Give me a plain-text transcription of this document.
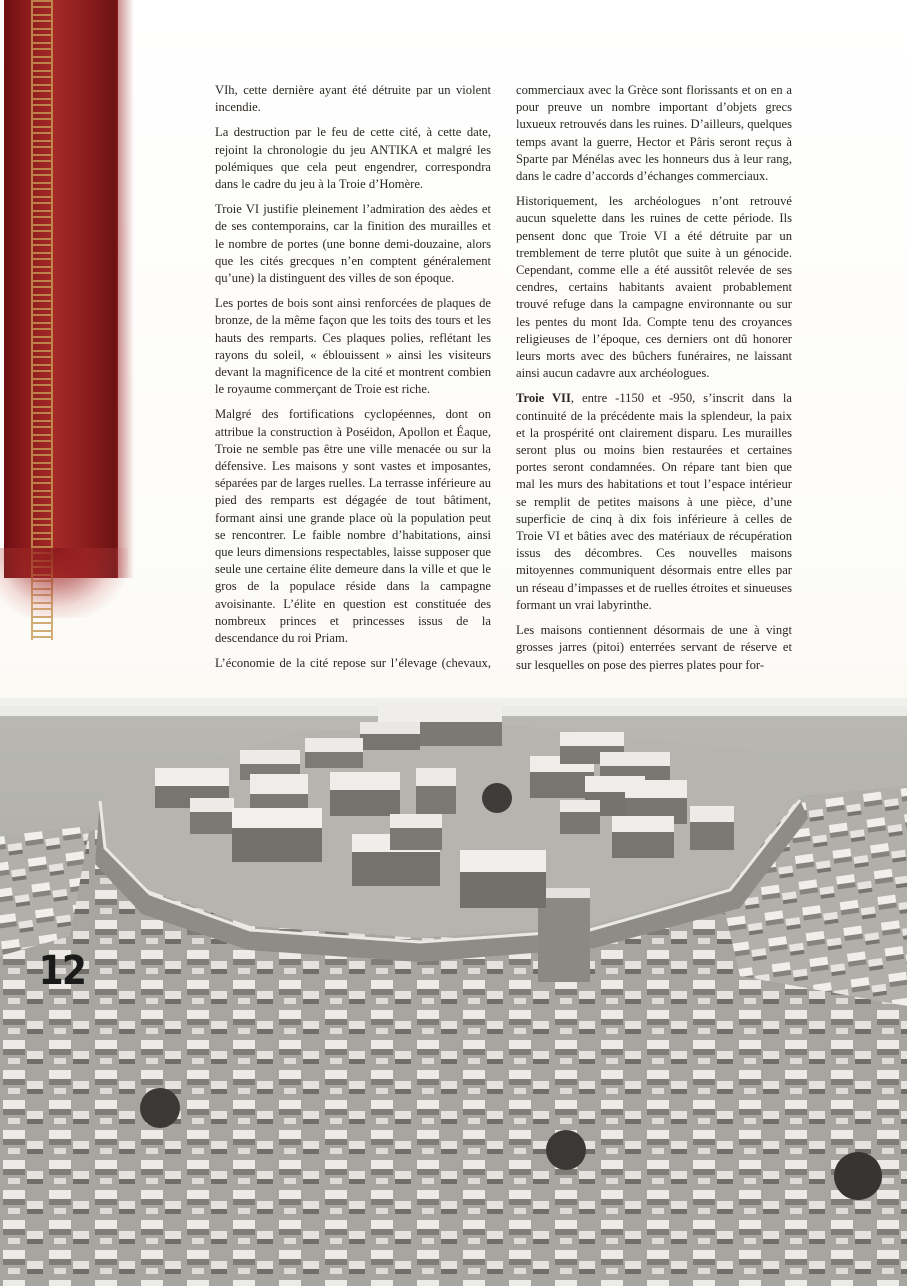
VIh, cette dernière ayant été détruite par un violent incendie.

La destruction par le feu de cette cité, à cette date, rejoint la chronologie du jeu ANTIKA et malgré les polémiques que cela peut engendrer, correspondra dans le cadre du jeu à la Troie d’Homère.

Troie VI justifie pleinement l’admiration des aèdes et de ses contemporains, car la finition des murailles et le nombre de portes (une bonne demi-douzaine, alors que les cités grecques n’en comptent généralement qu’une) la distinguent des villes de son époque.

Les portes de bois sont ainsi renforcées de plaques de bronze, de la même façon que les toits des tours et les hauts des remparts. Ces plaques polies, reflétant les rayons du soleil, « éblouissent » ainsi les visiteurs devant la magnificence de la cité et montrent combien le royaume commerçant de Troie est riche.

Malgré des fortifications cyclopéennes, dont on attribue la construction à Poséidon, Apollon et Éaque, Troie ne semble pas être une ville menacée ou sur la défensive. Les maisons y sont vastes et imposantes, séparées par de larges ruelles. La terrasse inférieure au pied des remparts est dégagée de tout bâtiment, formant ainsi une grande place où la population peut se rencontrer. Le faible nombre d’habitations, ainsi que leurs dimensions respectables, laisse supposer que seule une certaine élite demeure dans la ville et que le gros de la populace réside dans la campagne avoisinante. L’élite en question est constituée des nombreux princes et princesses issus de la descendance du roi Priam.

L’économie de la cité repose sur l’élevage (chevaux,

commerciaux avec la Grèce sont florissants et on en a pour preuve un nombre important d’objets grecs luxueux retrouvés dans les ruines. D’ailleurs, quelques temps avant la guerre, Hector et Pâris seront reçus à Sparte par Ménélas avec les honneurs dus à leur rang, dans le cadre d’accords d’échanges commerciaux.

Historiquement, les archéologues n’ont retrouvé aucun squelette dans les ruines de cette période. Ils pensent donc que Troie VI a été détruite par un tremblement de terre plutôt que suite à un génocide. Cependant, comme elle a été aussitôt relevée de ses cendres, certains habitants avaient probablement trouvé refuge dans la campagne environnante ou sur les pentes du mont Ida. Compte tenu des croyances religieuses de l’époque, ces derniers ont dû honorer leurs morts avec des bûchers funéraires, ne laissant ainsi aucun cadavre aux archéologues.

Troie VII, entre -1150 et -950, s’inscrit dans la continuité de la précédente mais la splendeur, la paix et la prospérité ont clairement disparu. Les murailles seront plus ou moins bien restaurées et certaines portes seront condamnées. On répare tant bien que mal les murs des habitations et tout l’espace intérieur se remplit de petites maisons à une pièce, d’une superficie de cinq à dix fois inférieure à celles de Troie VI et bâties avec des matériaux de récupération issus des décombres. Ces nouvelles maisons mitoyennes communiquent désormais entre elles par un réseau d’impasses et de ruelles étroites et sinueuses formant un vrai labyrinthe.

Les maisons contiennent désormais de une à vingt grosses jarres (pitoi) enterrées servant de réserve et sur lesquelles on pose des pierres plates pour for-

12
